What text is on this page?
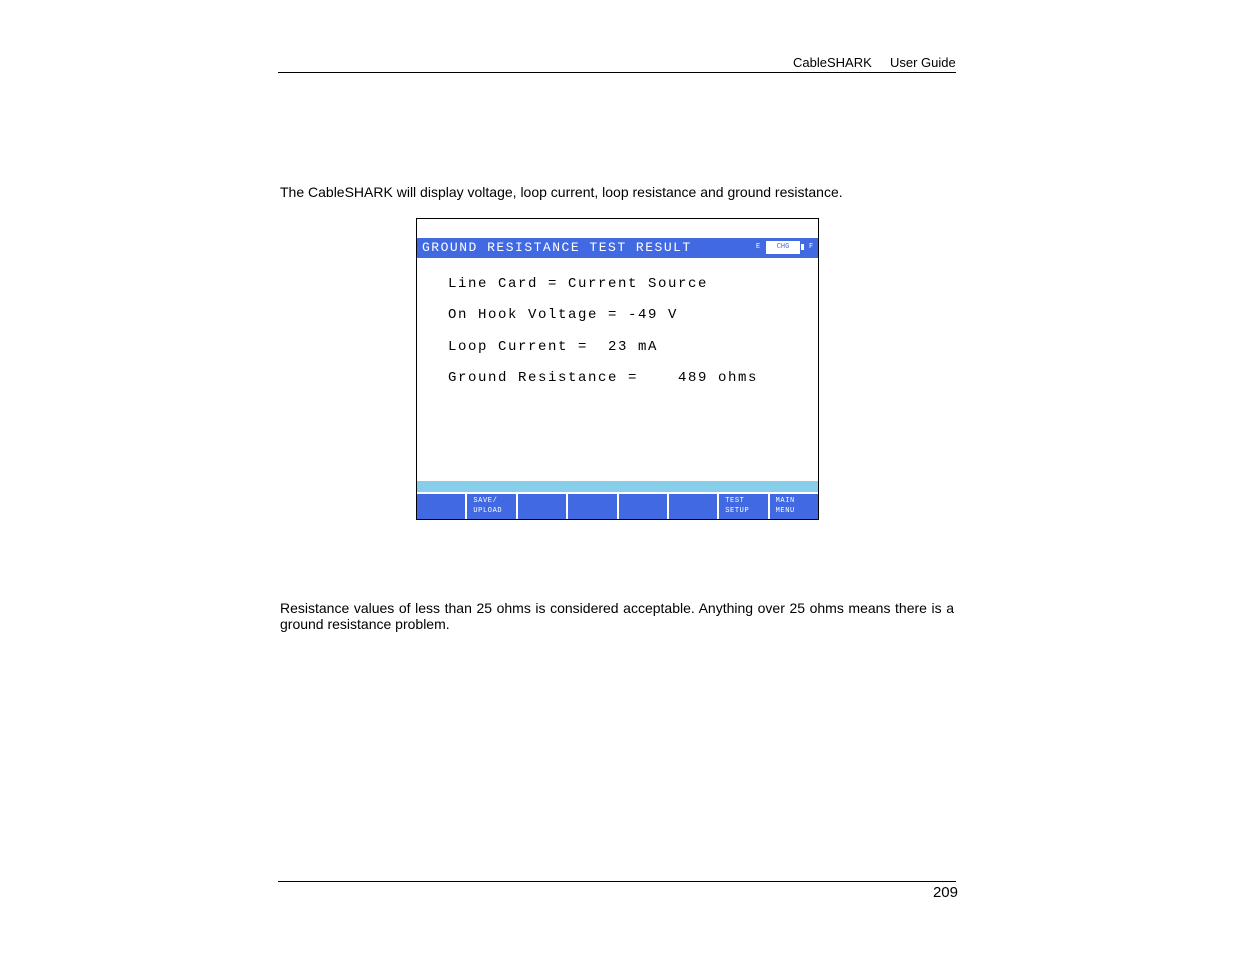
CableSHARK User Guide

The CableSHARK will display voltage, loop current, loop resistance and ground resistance.

GROUND RESISTANCE TEST RESULT	E	CHG	F
Line Card = Current Source
On Hook Voltage = -49 V
Loop Current =  23 mA
Ground Resistance =    489 ohms
SAVE/
UPLOAD
TEST
SETUP
MAIN
MENU

Resistance values of less than 25 ohms is considered acceptable. Anything over 25 ohms means there is a ground resistance problem.

209
